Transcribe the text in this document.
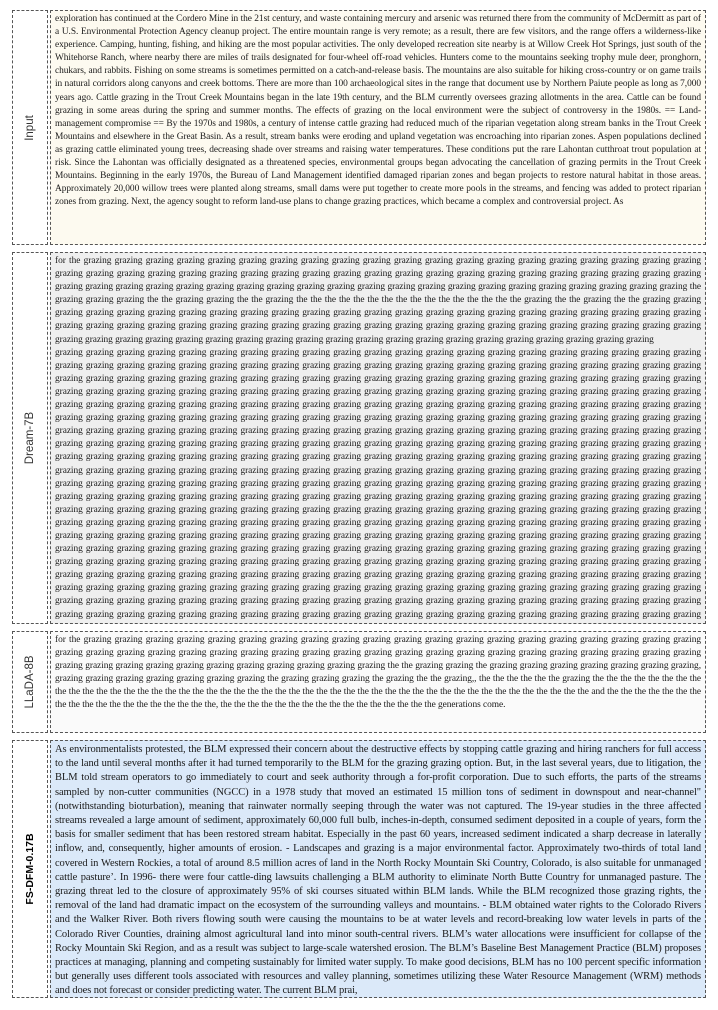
Input

exploration has continued at the Cordero Mine in the 21st century, and waste containing mercury and arsenic was returned there from the community of McDermitt as part of a U.S. Environmental Protection Agency cleanup project. The entire mountain range is very remote; as a result, there are few visitors, and the range offers a wilderness-like experience. Camping, hunting, fishing, and hiking are the most popular activities. The only developed recreation site nearby is at Willow Creek Hot Springs, just south of the Whitehorse Ranch, where nearby there are miles of trails designated for four-wheel off-road vehicles. Hunters come to the mountains seeking trophy mule deer, pronghorn, chukars, and rabbits. Fishing on some streams is sometimes permitted on a catch-and-release basis. The mountains are also suitable for hiking cross-country or on game trails in natural corridors along canyons and creek bottoms. There are more than 100 archaeological sites in the range that document use by Northern Paiute people as long as 7,000 years ago. Cattle grazing in the Trout Creek Mountains began in the late 19th century, and the BLM currently oversees grazing allotments in the area. Cattle can be found grazing in some areas during the spring and summer months. The effects of grazing on the local environment were the subject of controversy in the 1980s. == Land-management compromise == By the 1970s and 1980s, a century of intense cattle grazing had reduced much of the riparian vegetation along stream banks in the Trout Creek Mountains and elsewhere in the Great Basin. As a result, stream banks were eroding and upland vegetation was encroaching into riparian zones. Aspen populations declined as grazing cattle eliminated young trees, decreasing shade over streams and raising water temperatures. These conditions put the rare Lahontan cutthroat trout population at risk. Since the Lahontan was officially designated as a threatened species, environmental groups began advocating the cancellation of grazing permits in the Trout Creek Mountains. Beginning in the early 1970s, the Bureau of Land Management identified damaged riparian zones and began projects to restore natural habitat in those areas. Approximately 20,000 willow trees were planted along streams, small dams were put together to create more pools in the streams, and fencing was added to protect riparian zones from grazing. Next, the agency sought to reform land-use plans to change grazing practices, which became a complex and controversial project. As

Dream-7B

for the grazing grazing grazing grazing grazing grazing grazing grazing grazing grazing grazing grazing grazing grazing grazing grazing grazing grazing grazing grazing grazing grazing grazing grazing grazing grazing grazing grazing grazing grazing grazing grazing grazing grazing grazing grazing grazing grazing grazing grazing grazing grazing grazing grazing grazing grazing grazing grazing grazing grazing grazing grazing grazing grazing grazing grazing grazing grazing grazing grazing grazing grazing the grazing grazing grazing the the grazing grazing the the grazing the the the the the the the the the the the the the the the the grazing the the grazing the the grazing grazing grazing grazing grazing grazing grazing grazing grazing grazing grazing grazing grazing grazing grazing grazing grazing grazing grazing grazing grazing grazing grazing grazing grazing grazing grazing grazing grazing grazing grazing grazing grazing grazing grazing grazing grazing grazing grazing grazing grazing grazing grazing grazing grazing grazing grazing grazing grazing grazing grazing grazing grazing grazing grazing grazing grazing grazing grazing grazing grazing grazing grazing grazing

grazing grazing grazing grazing grazing grazing grazing grazing grazing grazing grazing grazing grazing grazing grazing grazing grazing grazing grazing grazing grazing grazing grazing grazing grazing grazing grazing grazing grazing grazing grazing grazing grazing grazing grazing grazing grazing grazing grazing grazing grazing grazing grazing grazing grazing grazing grazing grazing grazing grazing grazing grazing grazing grazing grazing grazing grazing grazing grazing grazing grazing grazing grazing grazing grazing grazing grazing grazing grazing grazing grazing grazing grazing grazing grazing grazing grazing grazing grazing grazing grazing grazing grazing grazing grazing grazing grazing grazing grazing grazing grazing grazing grazing grazing grazing grazing grazing grazing grazing grazing grazing grazing grazing grazing grazing grazing grazing grazing grazing grazing grazing grazing grazing grazing grazing grazing grazing grazing grazing grazing grazing grazing grazing grazing grazing grazing grazing grazing grazing grazing grazing grazing grazing grazing grazing grazing grazing grazing grazing grazing grazing grazing grazing grazing grazing grazing grazing grazing grazing grazing grazing grazing grazing grazing grazing grazing grazing grazing grazing grazing grazing grazing grazing grazing grazing grazing grazing grazing grazing grazing grazing grazing grazing grazing grazing grazing grazing grazing grazing grazing grazing grazing grazing grazing grazing grazing grazing grazing grazing grazing grazing grazing grazing grazing grazing grazing grazing grazing grazing grazing grazing grazing grazing grazing grazing grazing grazing grazing grazing grazing grazing grazing grazing grazing grazing grazing grazing grazing grazing grazing grazing grazing grazing grazing grazing grazing grazing grazing grazing grazing grazing grazing grazing grazing grazing grazing grazing grazing grazing grazing grazing grazing grazing grazing grazing grazing grazing grazing grazing grazing grazing grazing grazing grazing grazing grazing grazing grazing grazing grazing grazing grazing grazing grazing grazing grazing grazing grazing grazing grazing grazing grazing grazing grazing grazing grazing grazing grazing grazing grazing grazing grazing grazing grazing grazing grazing grazing grazing grazing grazing grazing grazing grazing grazing grazing grazing grazing grazing grazing grazing grazing grazing grazing grazing grazing grazing grazing grazing grazing grazing grazing grazing grazing grazing grazing grazing grazing grazing grazing grazing grazing grazing grazing grazing grazing grazing grazing grazing grazing grazing grazing grazing grazing grazing grazing grazing grazing grazing grazing grazing grazing grazing grazing grazing grazing grazing grazing grazing grazing grazing grazing grazing grazing grazing grazing grazing grazing grazing grazing grazing grazing grazing grazing grazing grazing grazing grazing grazing grazing grazing grazing grazing grazing grazing grazing grazing grazing grazing grazing grazing grazing grazing grazing grazing grazing grazing grazing grazing grazing grazing grazing grazing grazing grazing grazing grazing grazing grazing grazing grazing grazing grazing grazing grazing grazing grazing grazing grazing grazing grazing grazing grazing grazing grazing grazing grazing grazing grazing grazing grazing grazing grazing grazing grazing grazing grazing grazing grazing grazing grazing grazing grazing grazing grazing grazing grazing grazing grazing grazing grazing grazing

LLaDA-8B

for the grazing grazing grazing grazing grazing grazing grazing grazing grazing grazing grazing grazing grazing grazing grazing grazing grazing grazing grazing grazing grazing grazing grazing grazing grazing grazing grazing grazing grazing grazing grazing grazing grazing grazing grazing grazing grazing grazing grazing grazing grazing grazing grazing grazing grazing grazing grazing grazing grazing grazing grazing grazing the the grazing grazing the grazing grazing grazing grazing grazing grazing grazing, grazing grazing grazing grazing grazing grazing grazing the grazing grazing grazing the grazing the the grazing,, the the the the the the grazing the the the the the the the the the the the the the the the the the the the the the the the the the the the the the the the the the the the the the the the the the the the the the the the and the the the the the the the the the the the the the the the the the the the, the the the the the the the the the the the the the the the the generations come.

FS-DFM-0.17B

As environmentalists protested, the BLM expressed their concern about the destructive effects by stopping cattle grazing and hiring ranchers for full access to the land until several months after it had turned temporarily to the BLM for the grazing grazing option. But, in the last several years, due to litigation, the BLM told stream operators to go immediately to court and seek authority through a for-profit corporation. Due to such efforts, the parts of the streams sampled by non-cutter communities (NGCC) in a 1978 study that moved an estimated 15 million tons of sediment in downspout and near-channel" (notwithstanding bioturbation), meaning that rainwater normally seeping through the water was not captured. The 19-year studies in the three affected streams revealed a large amount of sediment, approximately 60,000 full bulb, inches-in-depth, consumed sediment deposited in a couple of years, form the basis for smaller sediment that has been restored stream habitat. Especially in the past 60 years, increased sediment indicated a sharp decrease in laterally inflow, and, consequently, higher amounts of erosion. - Landscapes and grazing is a major environmental factor. Approximately two-thirds of total land covered in Western Rockies, a total of around 8.5 million acres of land in the North Rocky Mountain Ski Country, Colorado, is also suitable for unmanaged cattle pasture’. In 1996- there were four cattle-ding lawsuits challenging a BLM authority to eliminate North Butte Country for unmanaged pasture. The grazing threat led to the closure of approximately 95% of ski courses situated within BLM lands. While the BLM recognized those grazing rights, the removal of the land had dramatic impact on the ecosystem of the surrounding valleys and mountains. - BLM obtained water rights to the Colorado Rivers and the Walker River. Both rivers flowing south were causing the mountains to be at water levels and record-breaking low water levels in parts of the Colorado River Counties, draining almost agricultural land into minor south-central rivers. BLM’s water allocations were insufficient for collapse of the Rocky Mountain Ski Region, and as a result was subject to large-scale watershed erosion. The BLM’s Baseline Best Management Practice (BLM) proposes practices at managing, planning and competing sustainably for limited water supply. To make good decisions, BLM has no 100 percent specific information but generally uses different tools associated with resources and valley planning, sometimes utilizing these Water Resource Management (WRM) methods and does not forecast or consider predicting water. The current BLM prai,
